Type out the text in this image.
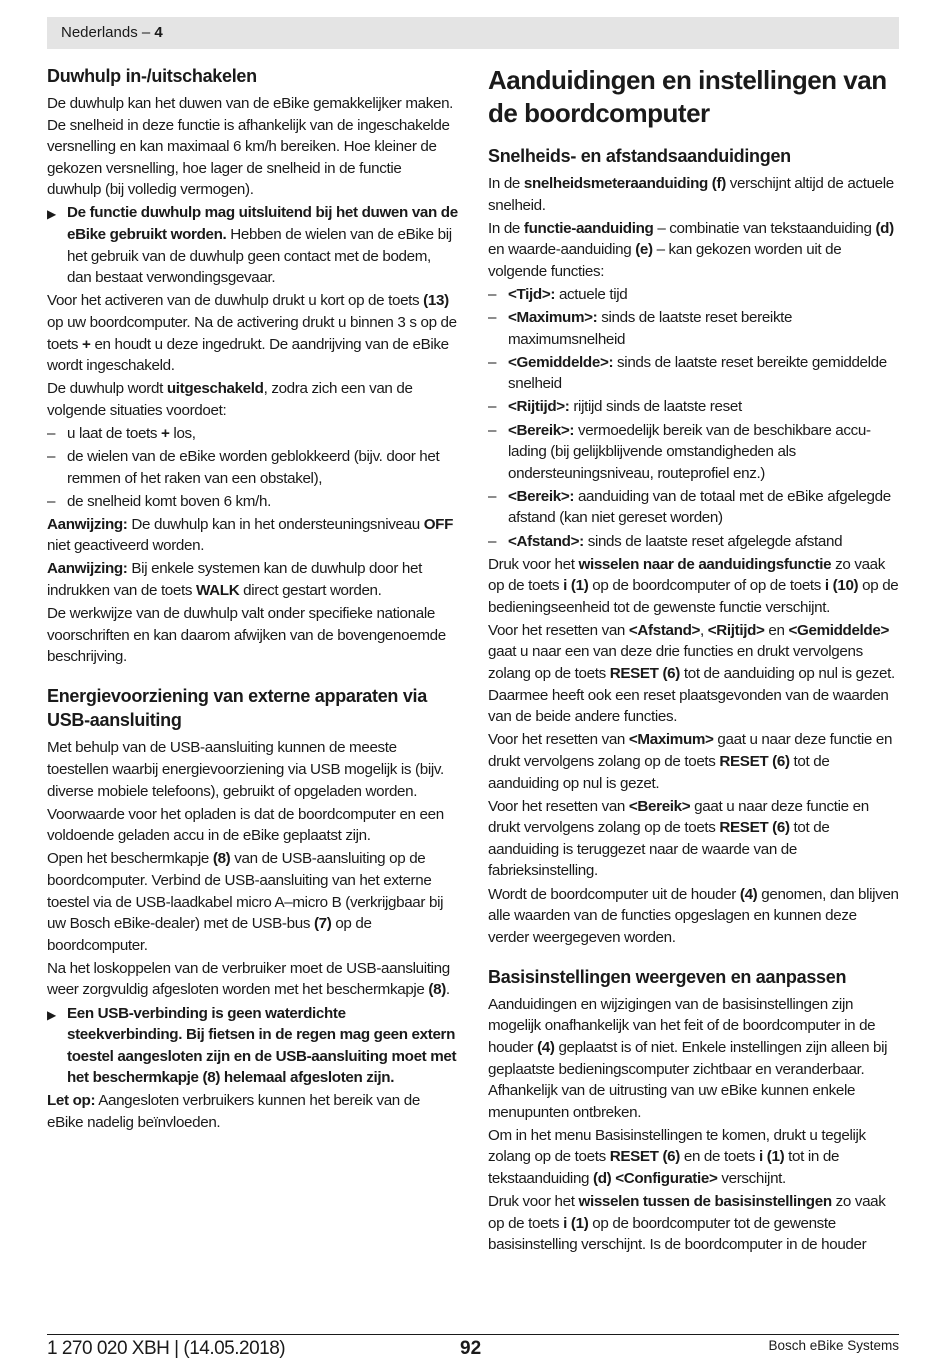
Nederlands – 4
Duwhulp in-/uitschakelen

De duwhulp kan het duwen van de eBike gemakkelijker maken. De snelheid in deze functie is afhankelijk van de ingeschakelde versnelling en kan maximaal 6 km/h bereiken. Hoe kleiner de gekozen versnelling, hoe lager de snelheid in de functie duwhulp (bij volledig vermogen).

▶ De functie duwhulp mag uitsluitend bij het duwen van de eBike gebruikt worden. Hebben de wielen van de eBike bij het gebruik van de duwhulp geen contact met de bodem, dan bestaat verwondingsgevaar.

Voor het activeren van de duwhulp drukt u kort op de toets (13) op uw boordcomputer. Na de activering drukt u binnen 3 s op de toets + en houdt u deze ingedrukt. De aandrijving van de eBike wordt ingeschakeld.

De duwhulp wordt uitgeschakeld, zodra zich een van de volgende situaties voordoet:

– u laat de toets + los,
– de wielen van de eBike worden geblokkeerd (bijv. door het remmen of het raken van een obstakel),
– de snelheid komt boven 6 km/h.

Aanwijzing: De duwhulp kan in het ondersteuningsniveau OFF niet geactiveerd worden.

Aanwijzing: Bij enkele systemen kan de duwhulp door het indrukken van de toets WALK direct gestart worden.

De werkwijze van de duwhulp valt onder specifieke nationale voorschriften en kan daarom afwijken van de bovengenoemde beschrijving.

Energievoorziening van externe apparaten via USB-aansluiting

Met behulp van de USB-aansluiting kunnen de meeste toestellen waarbij energievoorziening via USB mogelijk is (bijv. diverse mobiele telefoons), gebruikt of opgeladen worden.

Voorwaarde voor het opladen is dat de boordcomputer en een voldoende geladen accu in de eBike geplaatst zijn.

Open het beschermkapje (8) van de USB-aansluiting op de boordcomputer. Verbind de USB-aansluiting van het externe toestel via de USB-laadkabel micro A–micro B (verkrijgbaar bij uw Bosch eBike-dealer) met de USB-bus (7) op de boordcomputer.

Na het loskoppelen van de verbruiker moet de USB-aansluiting weer zorgvuldig afgesloten worden met het beschermkapje (8).

▶ Een USB-verbinding is geen waterdichte steekverbinding. Bij fietsen in de regen mag geen extern toestel aangesloten zijn en de USB-aansluiting moet met het beschermkapje (8) helemaal afgesloten zijn.

Let op: Aangesloten verbruikers kunnen het bereik van de eBike nadelig beïnvloeden.

Aanduidingen en instellingen van de boordcomputer
Snelheids- en afstandsaanduidingen

In de snelheidsmeteraanduiding (f) verschijnt altijd de actuele snelheid.

In de functie-aanduiding – combinatie van tekstaanduiding (d) en waarde-aanduiding (e) – kan gekozen worden uit de volgende functies:

– <Tijd>: actuele tijd
– <Maximum>: sinds de laatste reset bereikte maximumsnelheid
– <Gemiddelde>: sinds de laatste reset bereikte gemiddelde snelheid
– <Rijtijd>: rijtijd sinds de laatste reset
– <Bereik>: vermoedelijk bereik van de beschikbare accu-lading (bij gelijkblijvende omstandigheden als ondersteuningsniveau, routeprofiel enz.)
– <Bereik>: aanduiding van de totaal met de eBike afgelegde afstand (kan niet gereset worden)
– <Afstand>: sinds de laatste reset afgelegde afstand

Druk voor het wisselen naar de aanduidingsfunctie zo vaak op de toets i (1) op de boordcomputer of op de toets i (10) op de bedieningseenheid tot de gewenste functie verschijnt.

Voor het resetten van <Afstand>, <Rijtijd> en <Gemiddelde> gaat u naar een van deze drie functies en drukt vervolgens zolang op de toets RESET (6) tot de aanduiding op nul is gezet. Daarmee heeft ook een reset plaatsgevonden van de waarden van de beide andere functies.

Voor het resetten van <Maximum> gaat u naar deze functie en drukt vervolgens zolang op de toets RESET (6) tot de aanduiding op nul is gezet.

Voor het resetten van <Bereik> gaat u naar deze functie en drukt vervolgens zolang op de toets RESET (6) tot de aanduiding is teruggezet naar de waarde van de fabrieksinstelling.

Wordt de boordcomputer uit de houder (4) genomen, dan blijven alle waarden van de functies opgeslagen en kunnen deze verder weergegeven worden.

Basisinstellingen weergeven en aanpassen

Aanduidingen en wijzigingen van de basisinstellingen zijn mogelijk onafhankelijk van het feit of de boordcomputer in de houder (4) geplaatst is of niet. Enkele instellingen zijn alleen bij geplaatste bedieningscomputer zichtbaar en veranderbaar. Afhankelijk van de uitrusting van uw eBike kunnen enkele menupunten ontbreken.

Om in het menu Basisinstellingen te komen, drukt u tegelijk zolang op de toets RESET (6) en de toets i (1) tot in de tekstaanduiding (d) <Configuratie> verschijnt.

Druk voor het wisselen tussen de basisinstellingen zo vaak op de toets i (1) op de boordcomputer tot de gewenste basisinstelling verschijnt. Is de boordcomputer in de houder

1 270 020 XBH | (14.05.2018)	92	Bosch eBike Systems
